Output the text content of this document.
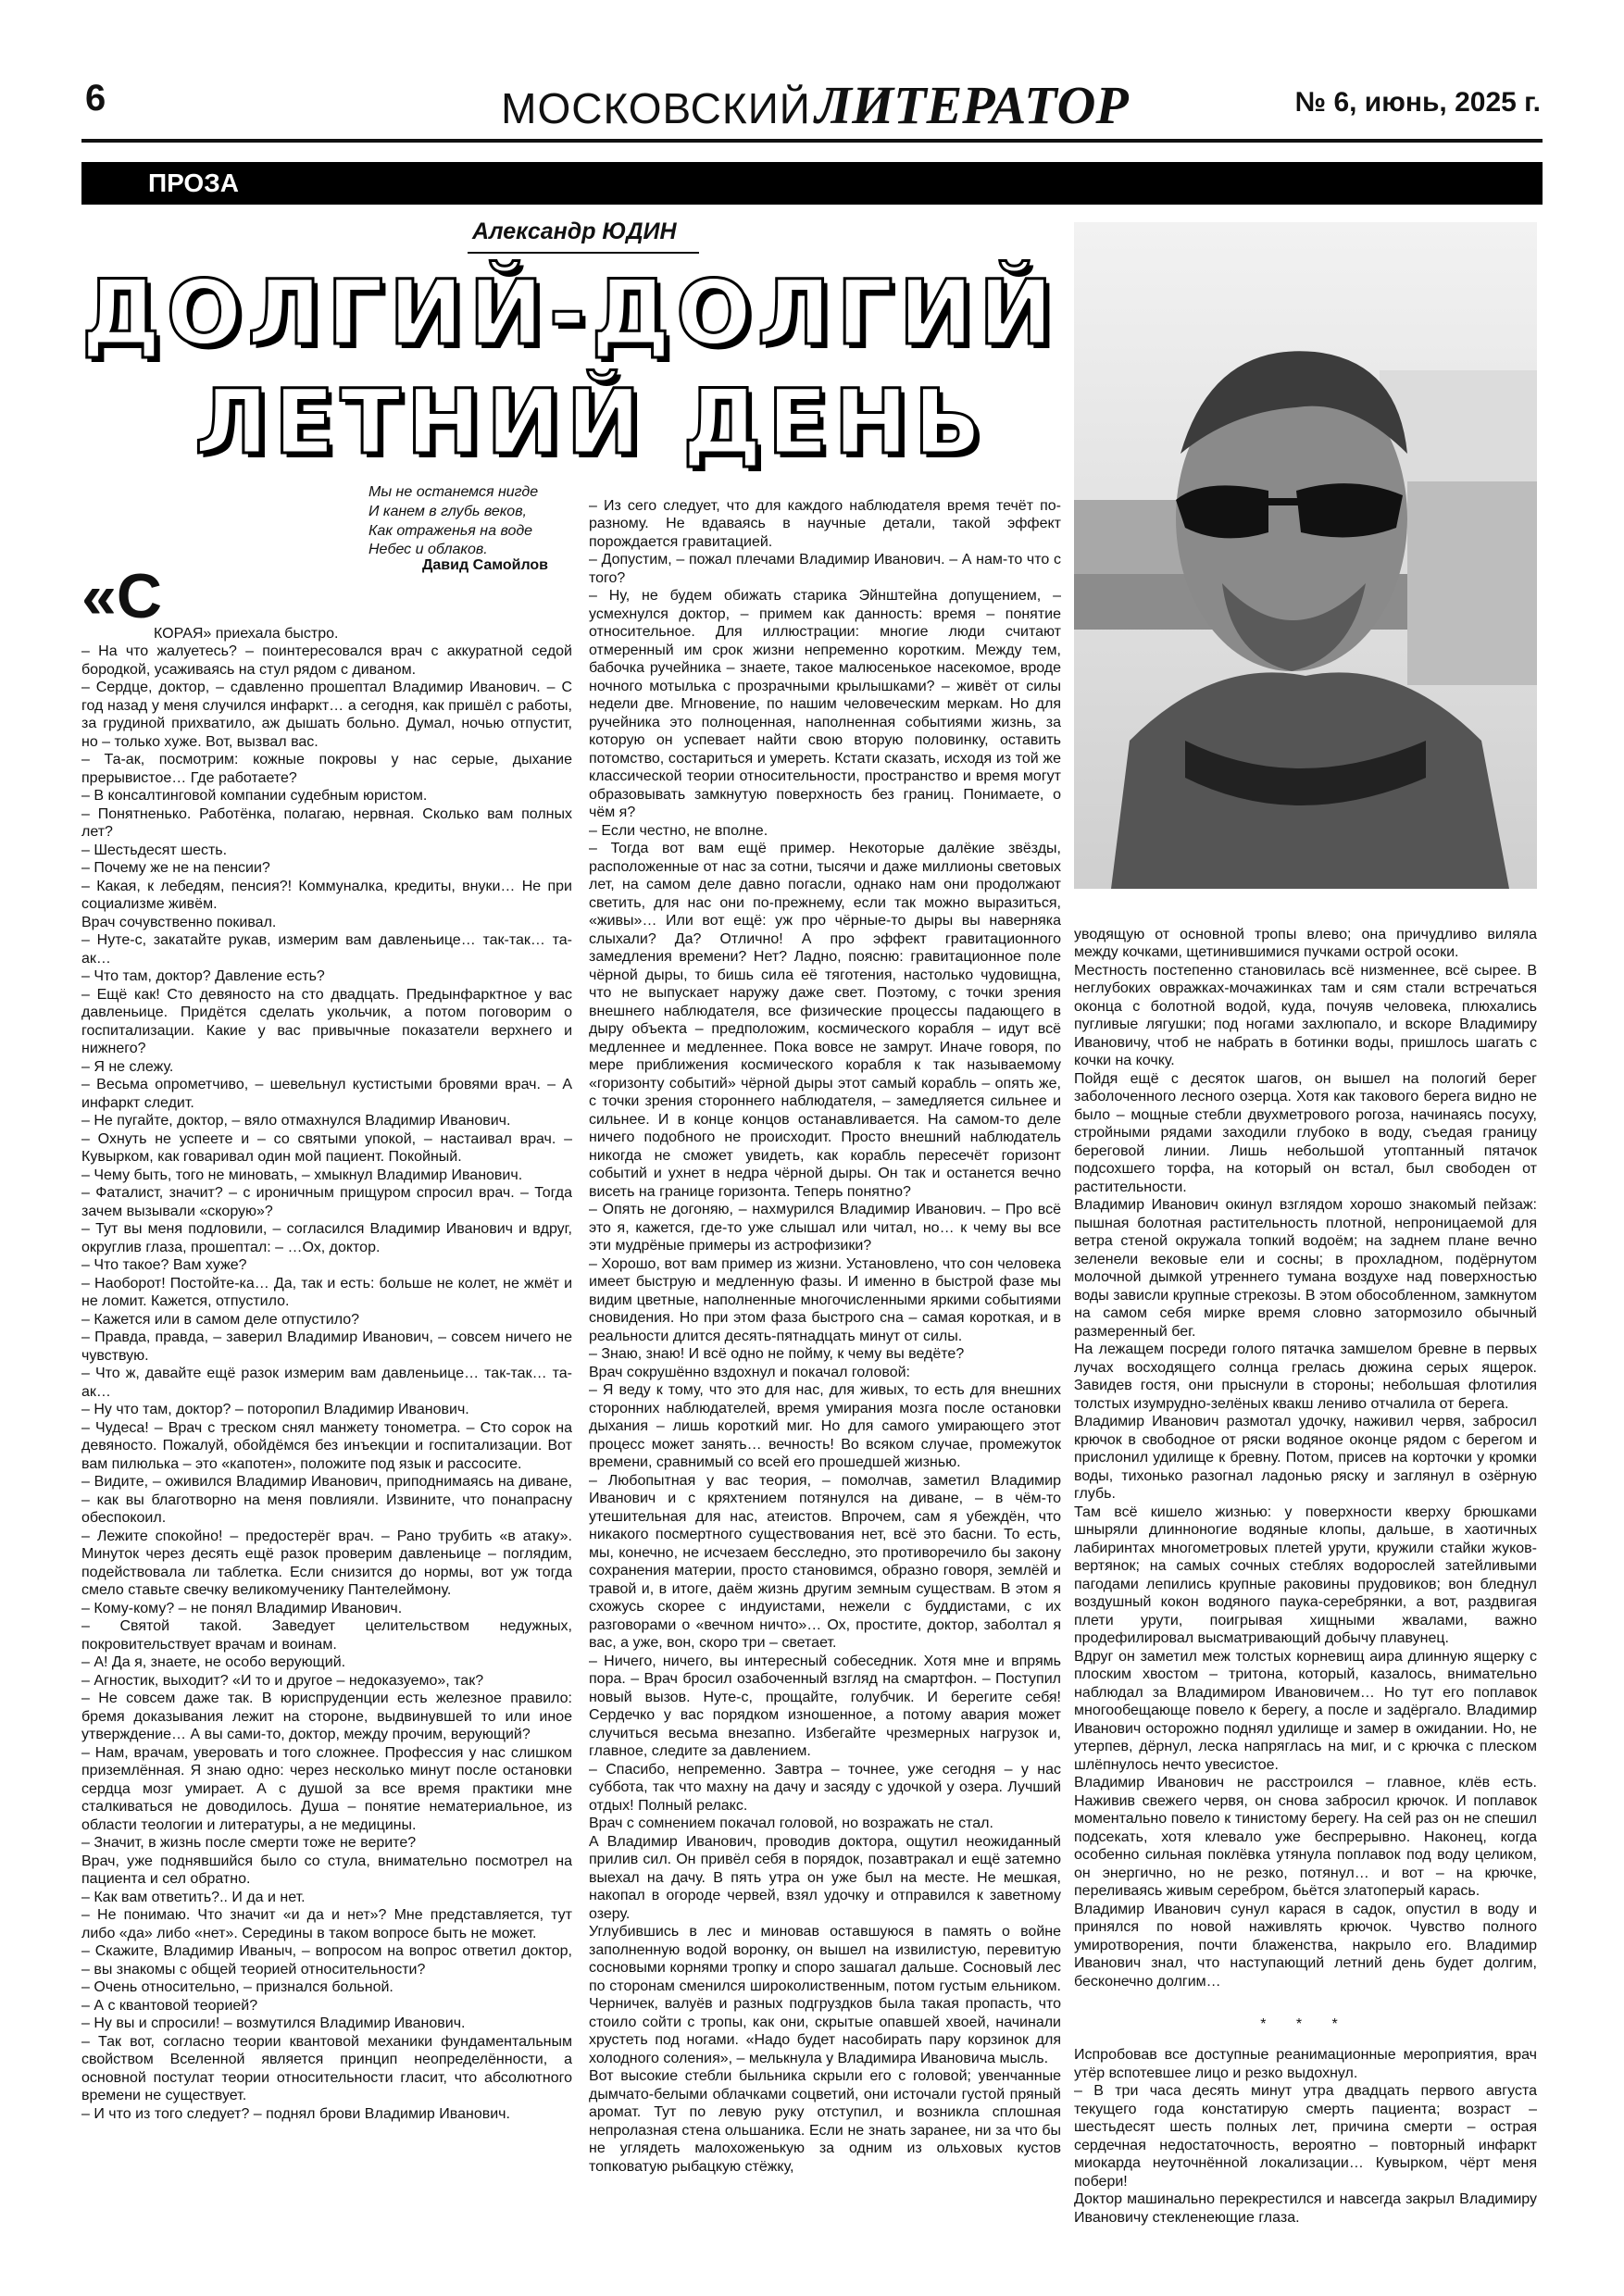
6	МОСКОВСКИЙ ЛИТЕРАТОР	№ 6, июнь, 2025 г.
ПРОЗА
Александр ЮДИН
ДОЛГИЙ-ДОЛГИЙ
ЛЕТНИЙ ДЕНЬ
Мы не останемся нигде
И канем в глубь веков,
Как отраженья на воде
Небес и облаков.
Давид Самойлов
«С

КОРАЯ» приехала быстро.
– На что жалуетесь? – поинтересовался врач с аккуратной седой бородкой, усаживаясь на стул рядом с диваном.
– Сердце, доктор, – сдавленно прошептал Владимир Иванович. – С год назад у меня случился инфаркт… а сегодня, как пришёл с работы, за грудиной прихватило, аж дышать больно. Думал, ночью отпустит, но – только хуже. Вот, вызвал вас.
– Та-ак, посмотрим: кожные покровы у нас серые, дыхание прерывистое… Где работаете?
– В консалтинговой компании судебным юристом.
– Понятненько. Работёнка, полагаю, нервная. Сколько вам полных лет?
– Шестьдесят шесть.
– Почему же не на пенсии?
– Какая, к лебедям, пенсия?! Коммуналка, кредиты, внуки… Не при социализме живём.
Врач сочувственно покивал.
– Нуте-с, закатайте рукав, измерим вам давленьице… так-так… та-ак…
– Что там, доктор? Давление есть?
– Ещё как! Сто девяносто на сто двадцать. Предынфарктное у вас давленьице. Придётся сделать укольчик, а потом поговорим о госпитализации. Какие у вас привычные показатели верхнего и нижнего?
– Я не слежу.
– Весьма опрометчиво, – шевельнул кустистыми бровями врач. – А инфаркт следит.
– Не пугайте, доктор, – вяло отмахнулся Владимир Иванович.
– Охнуть не успеете и – со святыми упокой, – настаивал врач. – Кувырком, как говаривал один мой пациент. Покойный.
– Чему быть, того не миновать, – хмыкнул Владимир Иванович.
– Фаталист, значит? – с ироничным прищуром спросил врач. – Тогда зачем вызывали «скорую»?
– Тут вы меня подловили, – согласился Владимир Иванович и вдруг, округлив глаза, прошептал: – …Ох, доктор.
– Что такое? Вам хуже?
– Наоборот! Постойте-ка… Да, так и есть: больше не колет, не жмёт и не ломит. Кажется, отпустило.
– Кажется или в самом деле отпустило?
– Правда, правда, – заверил Владимир Иванович, – совсем ничего не чувствую.
– Что ж, давайте ещё разок измерим вам давленьице… так-так… та-ак…
– Ну что там, доктор? – поторопил Владимир Иванович.
– Чудеса! – Врач с треском снял манжету тонометра. – Сто сорок на девяносто. Пожалуй, обойдёмся без инъекции и госпитализации. Вот вам пилюлька – это «капотен», положите под язык и рассосите.
– Видите, – оживился Владимир Иванович, приподнимаясь на диване, – как вы благотворно на меня повлияли. Извините, что понапрасну обеспокоил.
– Лежите спокойно! – предостерёг врач. – Рано трубить «в атаку». Минуток через десять ещё разок проверим давленьице – поглядим, подействовала ли таблетка. Если снизится до нормы, вот уж тогда смело ставьте свечку великомученику Пантелеймону.
– Кому-кому? – не понял Владимир Иванович.
– Святой такой. Заведует целительством недужных, покровительствует врачам и воинам.
– А! Да я, знаете, не особо верующий.
– Агностик, выходит? «И то и другое – недоказуемо», так?
– Не совсем даже так. В юриспруденции есть железное правило: бремя доказывания лежит на стороне, выдвинувшей то или иное утверждение… А вы сами-то, доктор, между прочим, верующий?
– Нам, врачам, уверовать и того сложнее. Профессия у нас слишком приземлённая. Я знаю одно: через несколько минут после остановки сердца мозг умирает. А с душой за все время практики мне сталкиваться не доводилось. Душа – понятие нематериальное, из области теологии и литературы, а не медицины.
– Значит, в жизнь после смерти тоже не верите?
Врач, уже поднявшийся было со стула, внимательно посмотрел на пациента и сел обратно.
– Как вам ответить?.. И да и нет.
– Не понимаю. Что значит «и да и нет»? Мне представляется, тут либо «да» либо «нет». Середины в таком вопросе быть не может.
– Скажите, Владимир Иваныч, – вопросом на вопрос ответил доктор, – вы знакомы с общей теорией относительности?
– Очень относительно, – признался больной.
– А с квантовой теорией?
– Ну вы и спросили! – возмутился Владимир Иванович.
– Так вот, согласно теории квантовой механики фундаментальным свойством Вселенной является принцип неопределённости, а основной постулат теории относительности гласит, что абсолютного времени не существует.
– И что из того следует? – поднял брови Владимир Иванович.

– Из сего следует, что для каждого наблюдателя время течёт по-разному. Не вдаваясь в научные детали, такой эффект порождается гравитацией.
– Допустим, – пожал плечами Владимир Иванович. – А нам-то что с того?
– Ну, не будем обижать старика Эйнштейна допущением, – усмехнулся доктор, – примем как данность: время – понятие относительное. Для иллюстрации: многие люди считают отмеренный им срок жизни непременно коротким. Между тем, бабочка ручейника – знаете, такое малюсенькое насекомое, вроде ночного мотылька с прозрачными крылышками? – живёт от силы недели две. Мгновение, по нашим человеческим меркам. Но для ручейника это полноценная, наполненная событиями жизнь, за которую он успевает найти свою вторую половинку, оставить потомство, состариться и умереть. Кстати сказать, исходя из той же классической теории относительности, пространство и время могут образовывать замкнутую поверхность без границ. Понимаете, о чём я?
– Если честно, не вполне.
– Тогда вот вам ещё пример. Некоторые далёкие звёзды, расположенные от нас за сотни, тысячи и даже миллионы световых лет, на самом деле давно погасли, однако нам они продолжают светить, для нас они по-прежнему, если так можно выразиться, «живы»… Или вот ещё: уж про чёрные-то дыры вы наверняка слыхали? Да? Отлично! А про эффект гравитационного замедления времени? Нет? Ладно, поясню: гравитационное поле чёрной дыры, то бишь сила её тяготения, настолько чудовищна, что не выпускает наружу даже свет. Поэтому, с точки зрения внешнего наблюдателя, все физические процессы падающего в дыру объекта – предположим, космического корабля – идут всё медленнее и медленнее. Пока вовсе не замрут. Иначе говоря, по мере приближения космического корабля к так называемому «горизонту событий» чёрной дыры этот самый корабль – опять же, с точки зрения стороннего наблюдателя, – замедляется сильнее и сильнее. И в конце концов останавливается. На самом-то деле ничего подобного не происходит. Просто внешний наблюдатель никогда не сможет увидеть, как корабль пересечёт горизонт событий и ухнет в недра чёрной дыры. Он так и останется вечно висеть на границе горизонта. Теперь понятно?
– Опять не догоняю, – нахмурился Владимир Иванович. – Про всё это я, кажется, где-то уже слышал или читал, но… к чему вы все эти мудрёные примеры из астрофизики?
– Хорошо, вот вам пример из жизни. Установлено, что сон человека имеет быструю и медленную фазы. И именно в быстрой фазе мы видим цветные, наполненные многочисленными яркими событиями сновидения. Но при этом фаза быстрого сна – самая короткая, и в реальности длится десять-пятнадцать минут от силы.
– Знаю, знаю! И всё одно не пойму, к чему вы ведёте?
Врач сокрушённо вздохнул и покачал головой:
– Я веду к тому, что это для нас, для живых, то есть для внешних сторонних наблюдателей, время умирания мозга после остановки дыхания – лишь короткий миг. Но для самого умирающего этот процесс может занять… вечность! Во всяком случае, промежуток времени, сравнимый со всей его прошедшей жизнью.
– Любопытная у вас теория, – помолчав, заметил Владимир Иванович и с кряхтением потянулся на диване, – в чём-то утешительная для нас, атеистов. Впрочем, сам я убеждён, что никакого посмертного существования нет, всё это басни. То есть, мы, конечно, не исчезаем бесследно, это противоречило бы закону сохранения материи, просто становимся, образно говоря, землёй и травой и, в итоге, даём жизнь другим земным существам. В этом я схожусь скорее с индуистами, нежели с буддистами, с их разговорами о «вечном ничто»… Ох, простите, доктор, заболтал я вас, а уже, вон, скоро три – светает.
– Ничего, ничего, вы интересный собеседник. Хотя мне и впрямь пора. – Врач бросил озабоченный взгляд на смартфон. – Поступил новый вызов. Нуте-с, прощайте, голубчик. И берегите себя! Сердечко у вас порядком изношенное, а потому авария может случиться весьма внезапно. Избегайте чрезмерных нагрузок и, главное, следите за давлением.
– Спасибо, непременно. Завтра – точнее, уже сегодня – у нас суббота, так что махну на дачу и засяду с удочкой у озера. Лучший отдых! Полный релакс.
Врач с сомнением покачал головой, но возражать не стал.
А Владимир Иванович, проводив доктора, ощутил неожиданный прилив сил. Он привёл себя в порядок, позавтракал и ещё затемно выехал на дачу. В пять утра он уже был на месте. Не мешкая, накопал в огороде червей, взял удочку и отправился к заветному озеру.
Углубившись в лес и миновав оставшуюся в память о войне заполненную водой воронку, он вышел на извилистую, перевитую сосновыми корнями тропку и споро зашагал дальше. Сосновый лес по сторонам сменился широколиственным, потом густым ельником. Черничек, валуёв и разных подгруздков была такая пропасть, что стоило сойти с тропы, как они, скрытые опавшей хвоей, начинали хрустеть под ногами. «Надо будет насобирать пару корзинок для холодного соления», – мелькнула у Владимира Ивановича мысль.
Вот высокие стебли быльника скрыли его с головой; увенчанные дымчато-белыми облачками соцветий, они источали густой пряный аромат. Тут по левую руку отступил, и возникла сплошная непролазная стена ольшаника. Если не знать заранее, ни за что бы не углядеть малохоженькую за одним из ольховых кустов топковатую рыбацкую стёжку,

уводящую от основной тропы влево; она причудливо виляла между кочками, щетинившимися пучками острой осоки.
Местность постепенно становилась всё низменнее, всё сырее. В неглубоких овражках-мочажинках там и сям стали встречаться оконца с болотной водой, куда, почуяв человека, плюхались пугливые лягушки; под ногами захлюпало, и вскоре Владимиру Ивановичу, чтоб не набрать в ботинки воды, пришлось шагать с кочки на кочку.
Пойдя ещё с десяток шагов, он вышел на пологий берег заболоченного лесного озерца. Хотя как такового берега видно не было – мощные стебли двухметрового рогоза, начинаясь посуху, стройными рядами заходили глубоко в воду, съедая границу береговой линии. Лишь небольшой утоптанный пятачок подсохшего торфа, на который он встал, был свободен от растительности.
Владимир Иванович окинул взглядом хорошо знакомый пейзаж: пышная болотная растительность плотной, непроницаемой для ветра стеной окружала топкий водоём; на заднем плане вечно зеленели вековые ели и сосны; в прохладном, подёрнутом молочной дымкой утреннего тумана воздухе над поверхностью воды зависли крупные стрекозы. В этом обособленном, замкнутом на самом себя мирке время словно затормозило обычный размеренный бег.
На лежащем посреди голого пятачка замшелом бревне в первых лучах восходящего солнца грелась дюжина серых ящерок. Завидев гостя, они прыснули в стороны; небольшая флотилия толстых изумрудно-зелёных квакш лениво отчалила от берега.
Владимир Иванович размотал удочку, наживил червя, забросил крючок в свободное от ряски водяное оконце рядом с берегом и прислонил удилище к бревну. Потом, присев на корточки у кромки воды, тихонько разогнал ладонью ряску и заглянул в озёрную глубь.
Там всё кишело жизнью: у поверхности кверху брюшками шныряли длинноногие водяные клопы, дальше, в хаотичных лабиринтах многометровых плетей урути, кружили стайки жуков-вертянок; на самых сочных стеблях водорослей затейливыми пагодами лепились крупные раковины прудовиков; вон бледнул воздушный кокон водяного паука-серебрянки, а вот, раздвигая плети урути, поигрывая хищными жвалами, важно продефилировал высматривающий добычу плавунец.
Вдруг он заметил меж толстых корневищ аира длинную ящерку с плоским хвостом – тритона, который, казалось, внимательно наблюдал за Владимиром Ивановичем… Но тут его поплавок многообещающе повело к берегу, а после и задёргало. Владимир Иванович осторожно поднял удилище и замер в ожидании. Но, не утерпев, дёрнул, леска напряглась на миг, и с крючка с плеском шлёпнулось нечто увесистое.
Владимир Иванович не расстроился – главное, клёв есть. Наживив свежего червя, он снова забросил крючок. И поплавок моментально повело к тинистому берегу. На сей раз он не спешил подсекать, хотя клевало уже беспрерывно. Наконец, когда особенно сильная поклёвка утянула поплавок под воду целиком, он энергично, но не резко, потянул… и вот – на крючке, переливаясь живым серебром, бьётся златоперый карась.
Владимир Иванович сунул карася в садок, опустил в воду и принялся по новой наживлять крючок. Чувство полного умиротворения, почти блаженства, накрыло его. Владимир Иванович знал, что наступающий летний день будет долгим, бесконечно долгим…

* * *
Испробовав все доступные реанимационные мероприятия, врач утёр вспотевшее лицо и резко выдохнул.
– В три часа десять минут утра двадцать первого августа текущего года констатирую смерть пациента; возраст – шестьдесят шесть полных лет, причина смерти – острая сердечная недостаточность, вероятно – повторный инфаркт миокарда неуточнённой локализации… Кувырком, чёрт меня побери!
Доктор машинально перекрестился и навсегда закрыл Владимиру Ивановичу стекленеющие глаза.
